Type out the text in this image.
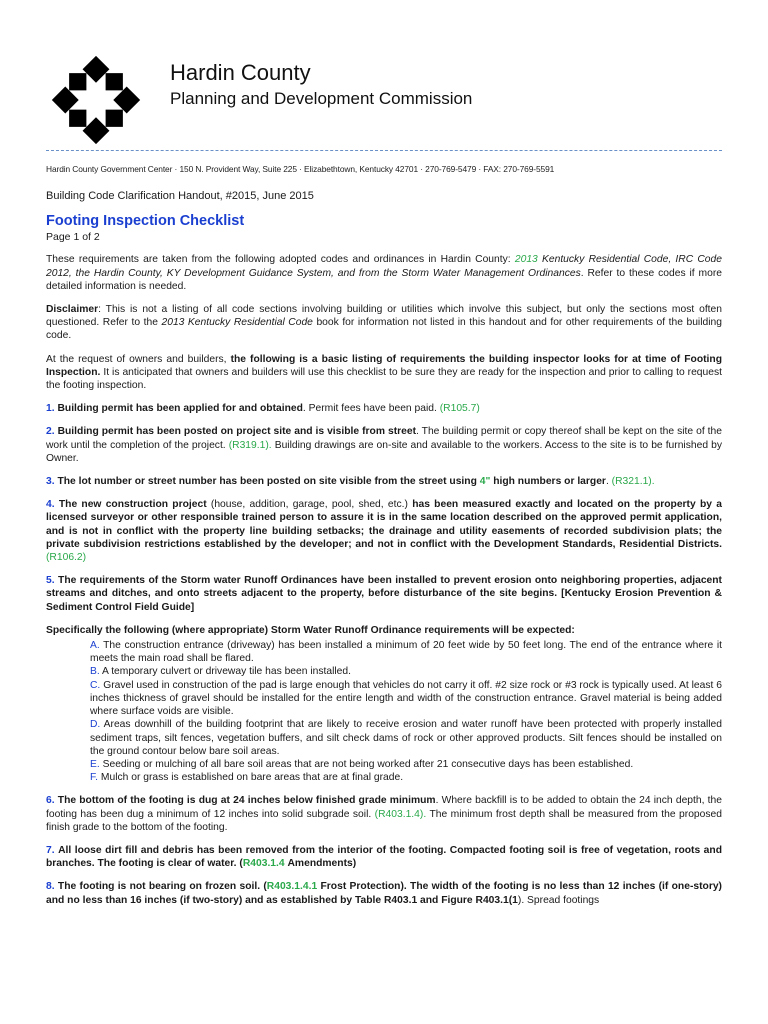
Hardin County
Planning and Development Commission
Hardin County Government Center · 150 N. Provident Way, Suite 225 · Elizabethtown, Kentucky 42701 · 270-769-5479 · FAX: 270-769-5591

Building Code Clarification Handout, #2015, June 2015

Footing Inspection Checklist

Page 1 of 2

These requirements are taken from the following adopted codes and ordinances in Hardin County: 2013 Kentucky Residential Code, IRC Code 2012, the Hardin County, KY Development Guidance System, and from the Storm Water Management Ordinances. Refer to these codes if more detailed information is needed.

Disclaimer: This is not a listing of all code sections involving building or utilities which involve this subject, but only the sections most often questioned. Refer to the 2013 Kentucky Residential Code book for information not listed in this handout and for other requirements of the building code.

At the request of owners and builders, the following is a basic listing of requirements the building inspector looks for at time of Footing Inspection. It is anticipated that owners and builders will use this checklist to be sure they are ready for the inspection and prior to calling to request the footing inspection.

1. Building permit has been applied for and obtained. Permit fees have been paid. (R105.7)

2. Building permit has been posted on project site and is visible from street. The building permit or copy thereof shall be kept on the site of the work until the completion of the project. (R319.1). Building drawings are on-site and available to the workers. Access to the site is to be furnished by Owner.

3. The lot number or street number has been posted on site visible from the street using 4" high numbers or larger. (R321.1).

4. The new construction project (house, addition, garage, pool, shed, etc.) has been measured exactly and located on the property by a licensed surveyor or other responsible trained person to assure it is in the same location described on the approved permit application, and is not in conflict with the property line building setbacks; the drainage and utility easements of recorded subdivision plats; the private subdivision restrictions established by the developer; and not in conflict with the Development Standards, Residential Districts. (R106.2)

5. The requirements of the Storm water Runoff Ordinances have been installed to prevent erosion onto neighboring properties, adjacent streams and ditches, and onto streets adjacent to the property, before disturbance of the site begins. [Kentucky Erosion Prevention & Sediment Control Field Guide]

Specifically the following (where appropriate) Storm Water Runoff Ordinance requirements will be expected:

A. The construction entrance (driveway) has been installed a minimum of 20 feet wide by 50 feet long. The end of the entrance where it meets the main road shall be flared.
B. A temporary culvert or driveway tile has been installed.
C. Gravel used in construction of the pad is large enough that vehicles do not carry it off. #2 size rock or #3 rock is typically used. At least 6 inches thickness of gravel should be installed for the entire length and width of the construction entrance. Gravel material is being added where surface voids are visible.
D. Areas downhill of the building footprint that are likely to receive erosion and water runoff have been protected with properly installed sediment traps, silt fences, vegetation buffers, and silt check dams of rock or other approved products. Silt fences should be installed on the ground contour below bare soil areas.
E. Seeding or mulching of all bare soil areas that are not being worked after 21 consecutive days has been established.
F. Mulch or grass is established on bare areas that are at final grade.

6. The bottom of the footing is dug at 24 inches below finished grade minimum. Where backfill is to be added to obtain the 24 inch depth, the footing has been dug a minimum of 12 inches into solid subgrade soil. (R403.1.4). The minimum frost depth shall be measured from the proposed finish grade to the bottom of the footing.

7. All loose dirt fill and debris has been removed from the interior of the footing. Compacted footing soil is free of vegetation, roots and branches. The footing is clear of water. (R403.1.4 Amendments)

8. The footing is not bearing on frozen soil. (R403.1.4.1 Frost Protection). The width of the footing is no less than 12 inches (if one-story) and no less than 16 inches (if two-story) and as established by Table R403.1 and Figure R403.1(1). Spread footings
